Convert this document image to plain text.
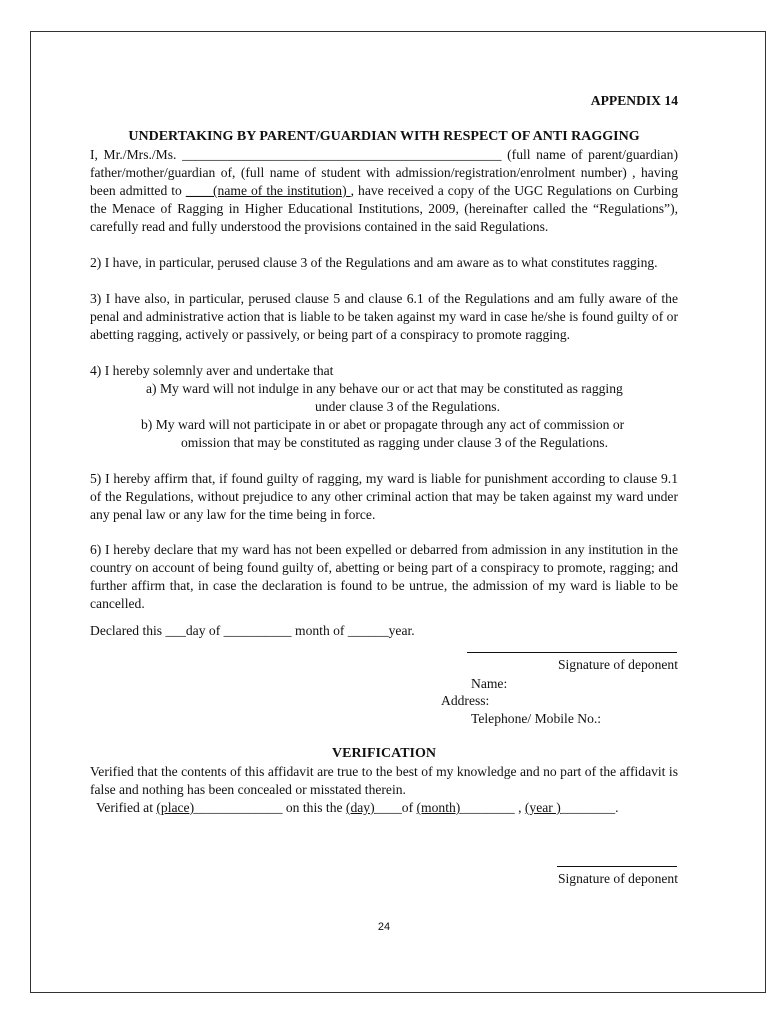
APPENDIX 14
UNDERTAKING BY PARENT/GUARDIAN WITH RESPECT OF ANTI RAGGING
I, Mr./Mrs./Ms. _______________________________________________ (full name of parent/guardian) father/mother/guardian of, (full name of student with admission/registration/enrolment number) , having been admitted to ____(name of the institution) , have received a copy of the UGC Regulations on Curbing the Menace of Ragging in Higher Educational Institutions, 2009, (hereinafter called the “Regulations”), carefully read and fully understood the provisions contained in the said Regulations.
2) I have, in particular, perused clause 3 of the Regulations and am aware as to what constitutes ragging.
3) I have also, in particular, perused clause 5 and clause 6.1 of the Regulations and am fully aware of the penal and administrative action that is liable to be taken against my ward in case he/she is found guilty of or abetting ragging, actively or passively, or being part of a conspiracy to promote ragging.
4) I hereby solemnly aver and undertake that
a) My ward will not indulge in any behave our or act that may be constituted as ragging
under clause 3 of the Regulations.
b) My ward will not participate in or abet or propagate through any act of commission or
omission that may be constituted as ragging under clause 3 of the Regulations.
5) I hereby affirm that, if found guilty of ragging, my ward is liable for punishment according to clause 9.1 of the Regulations, without prejudice to any other criminal action that may be taken against my ward under any penal law or any law for the time being in force.
6) I hereby declare that my ward has not been expelled or debarred from admission in any institution in the country on account of being found guilty of, abetting or being part of a conspiracy to promote, ragging; and further affirm that, in case the declaration is found to be untrue, the admission of my ward is liable to be cancelled.
Declared this ___day of __________ month of ______year.
Signature of deponent
Name:
Address:
Telephone/ Mobile No.:
VERIFICATION
Verified that the contents of this affidavit are true to the best of my knowledge and no part of the affidavit is false and nothing has been concealed or misstated therein.
Verified at (place)_____________ on this the (day)____of (month)________ , (year )________.
Signature of deponent
24
